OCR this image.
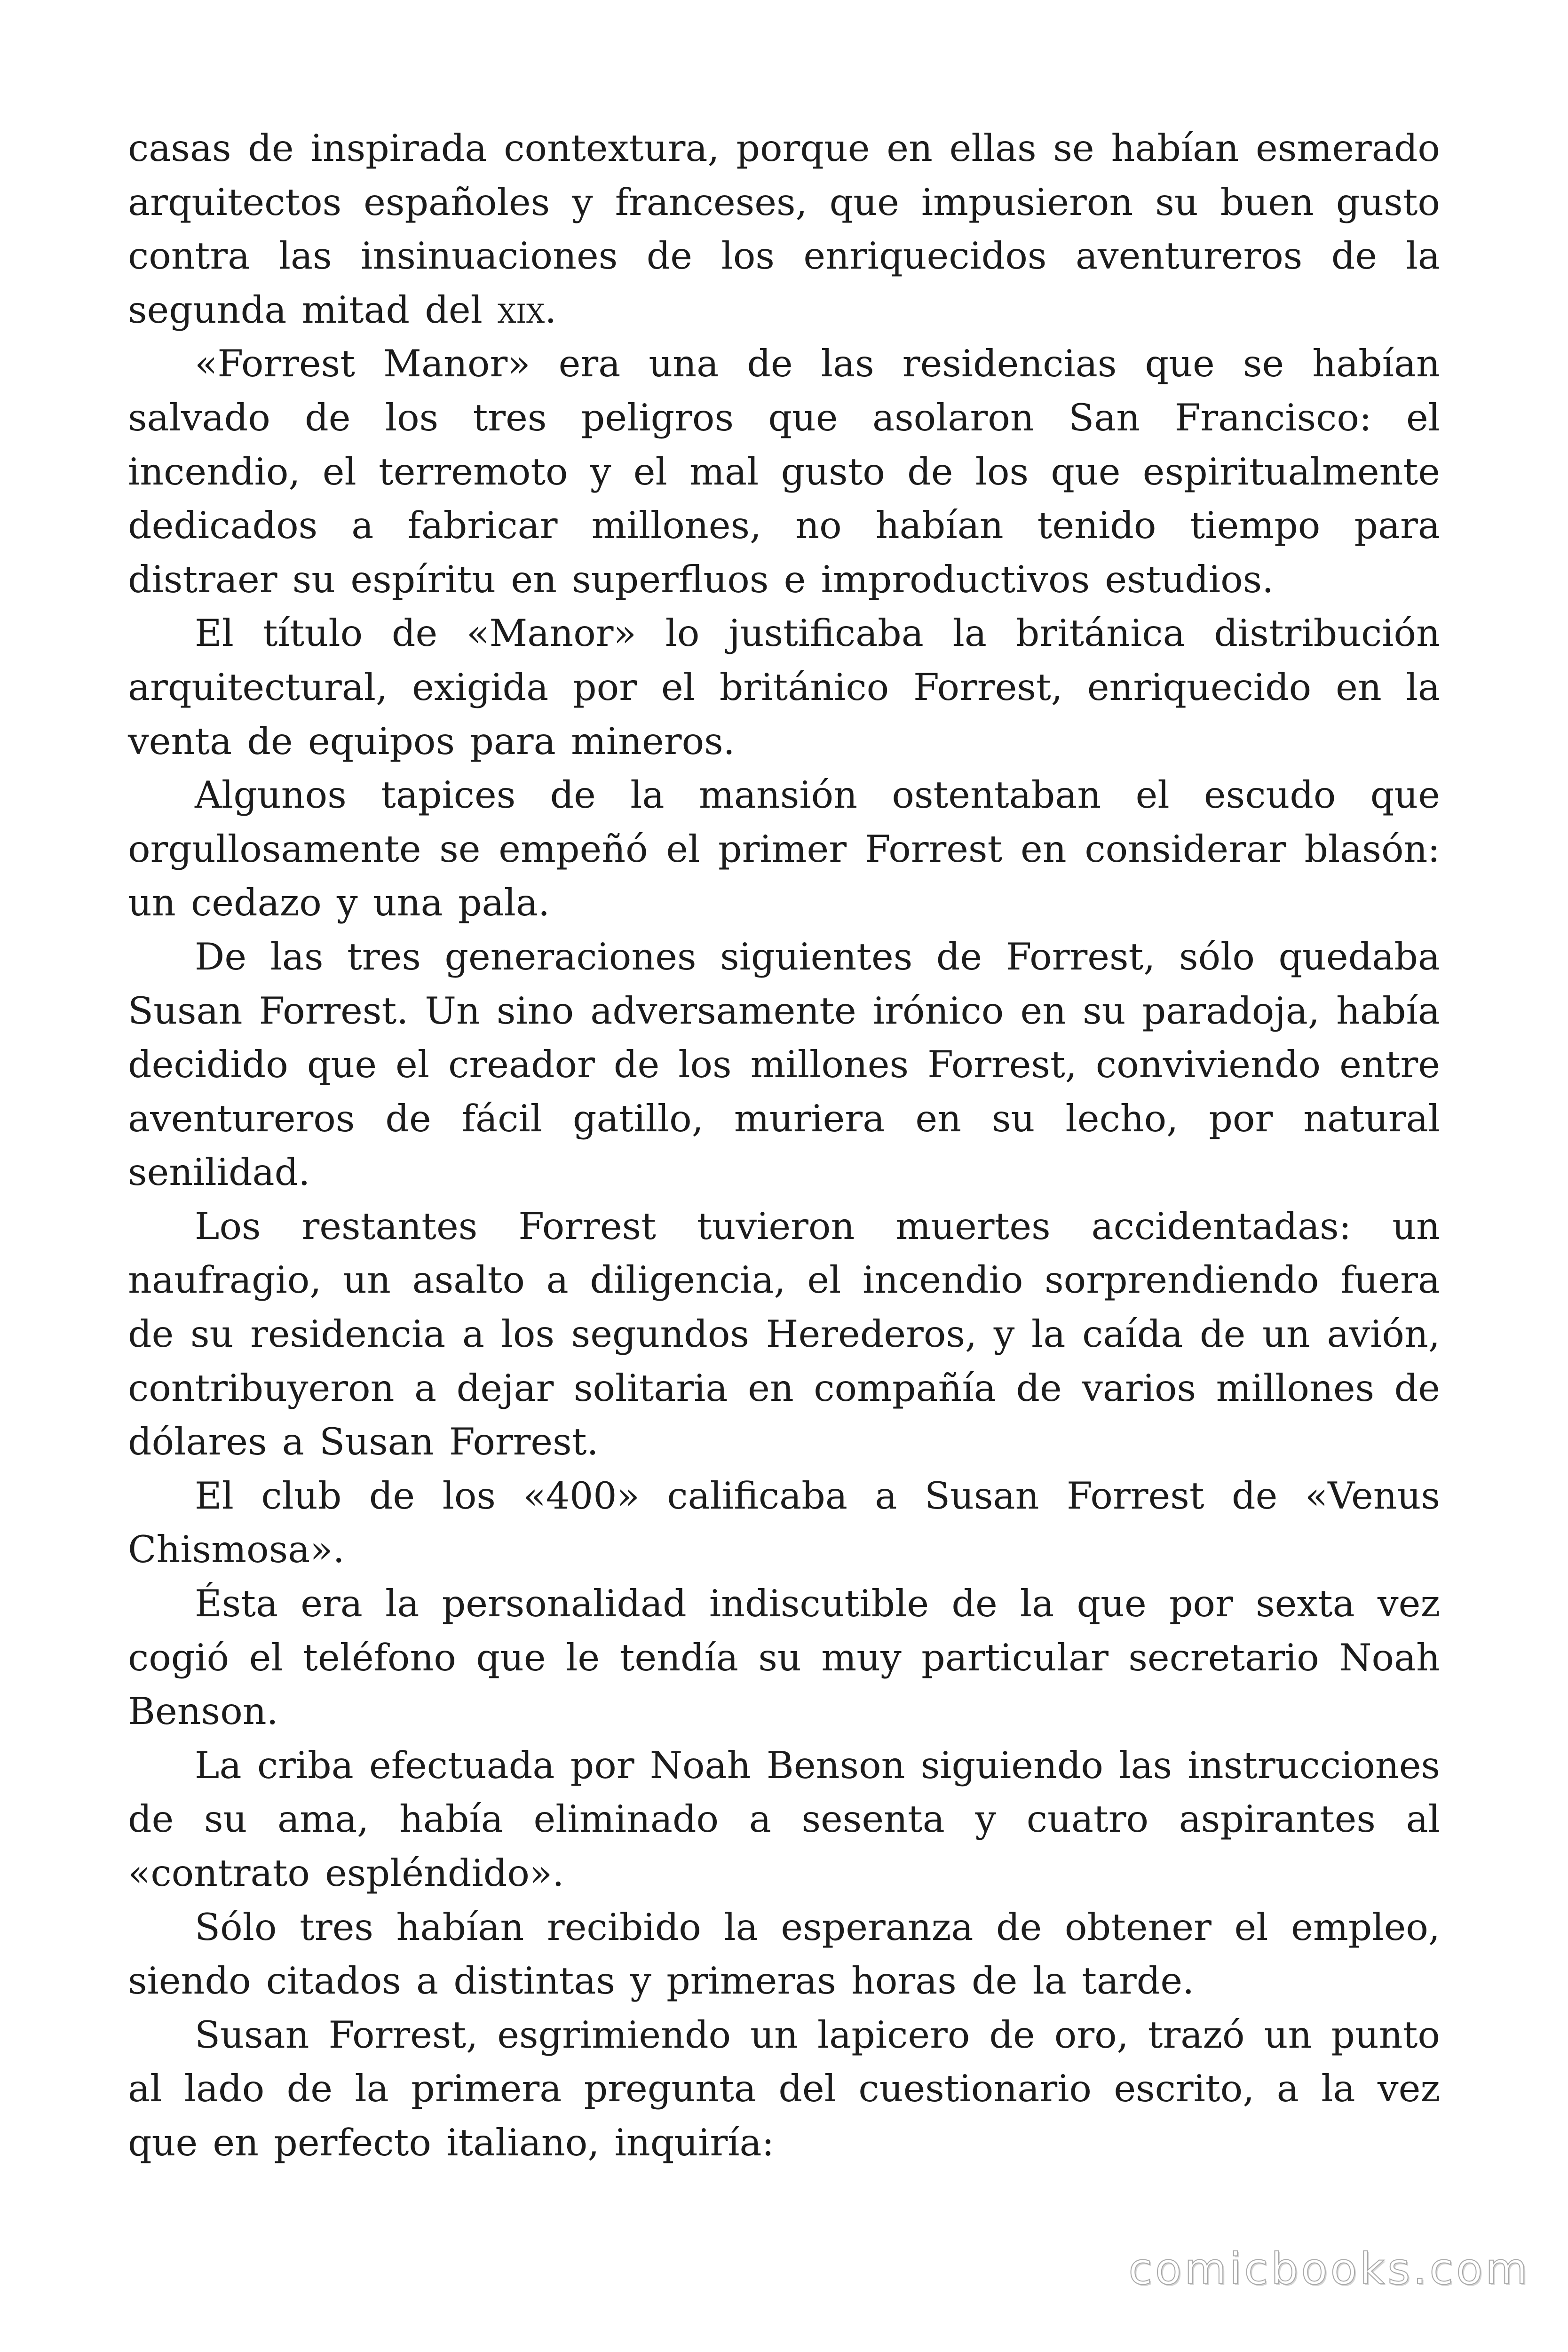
casas de inspirada contextura, porque en ellas se habían esmerado arquitectos españoles y franceses, que impusieron su buen gusto contra las insinuaciones de los enriquecidos aventureros de la segunda mitad del xix.

«Forrest Manor» era una de las residencias que se habían salvado de los tres peligros que asolaron San Francisco: el incendio, el terremoto y el mal gusto de los que espiritualmente dedicados a fabricar millones, no habían tenido tiempo para distraer su espíritu en superfluos e improductivos estudios.

El título de «Manor» lo justificaba la británica distribución arquitectural, exigida por el británico Forrest, enriquecido en la venta de equipos para mineros.

Algunos tapices de la mansión ostentaban el escudo que orgullosamente se empeñó el primer Forrest en considerar blasón: un cedazo y una pala.

De las tres generaciones siguientes de Forrest, sólo quedaba Susan Forrest. Un sino adversamente irónico en su paradoja, había decidido que el creador de los millones Forrest, conviviendo entre aventureros de fácil gatillo, muriera en su lecho, por natural senilidad.

Los restantes Forrest tuvieron muertes accidentadas: un naufragio, un asalto a diligencia, el incendio sorprendiendo fuera de su residencia a los segundos Herederos, y la caída de un avión, contribuyeron a dejar solitaria en compañía de varios millones de dólares a Susan Forrest.

El club de los «400» calificaba a Susan Forrest de «Venus Chismosa».

Ésta era la personalidad indiscutible de la que por sexta vez cogió el teléfono que le tendía su muy particular secretario Noah Benson.

La criba efectuada por Noah Benson siguiendo las instrucciones de su ama, había eliminado a sesenta y cuatro aspirantes al «contrato espléndido».

Sólo tres habían recibido la esperanza de obtener el empleo, siendo citados a distintas y primeras horas de la tarde.

Susan Forrest, esgrimiendo un lapicero de oro, trazó un punto al lado de la primera pregunta del cuestionario escrito, a la vez que en perfecto italiano, inquiría:

comicbooks.com
